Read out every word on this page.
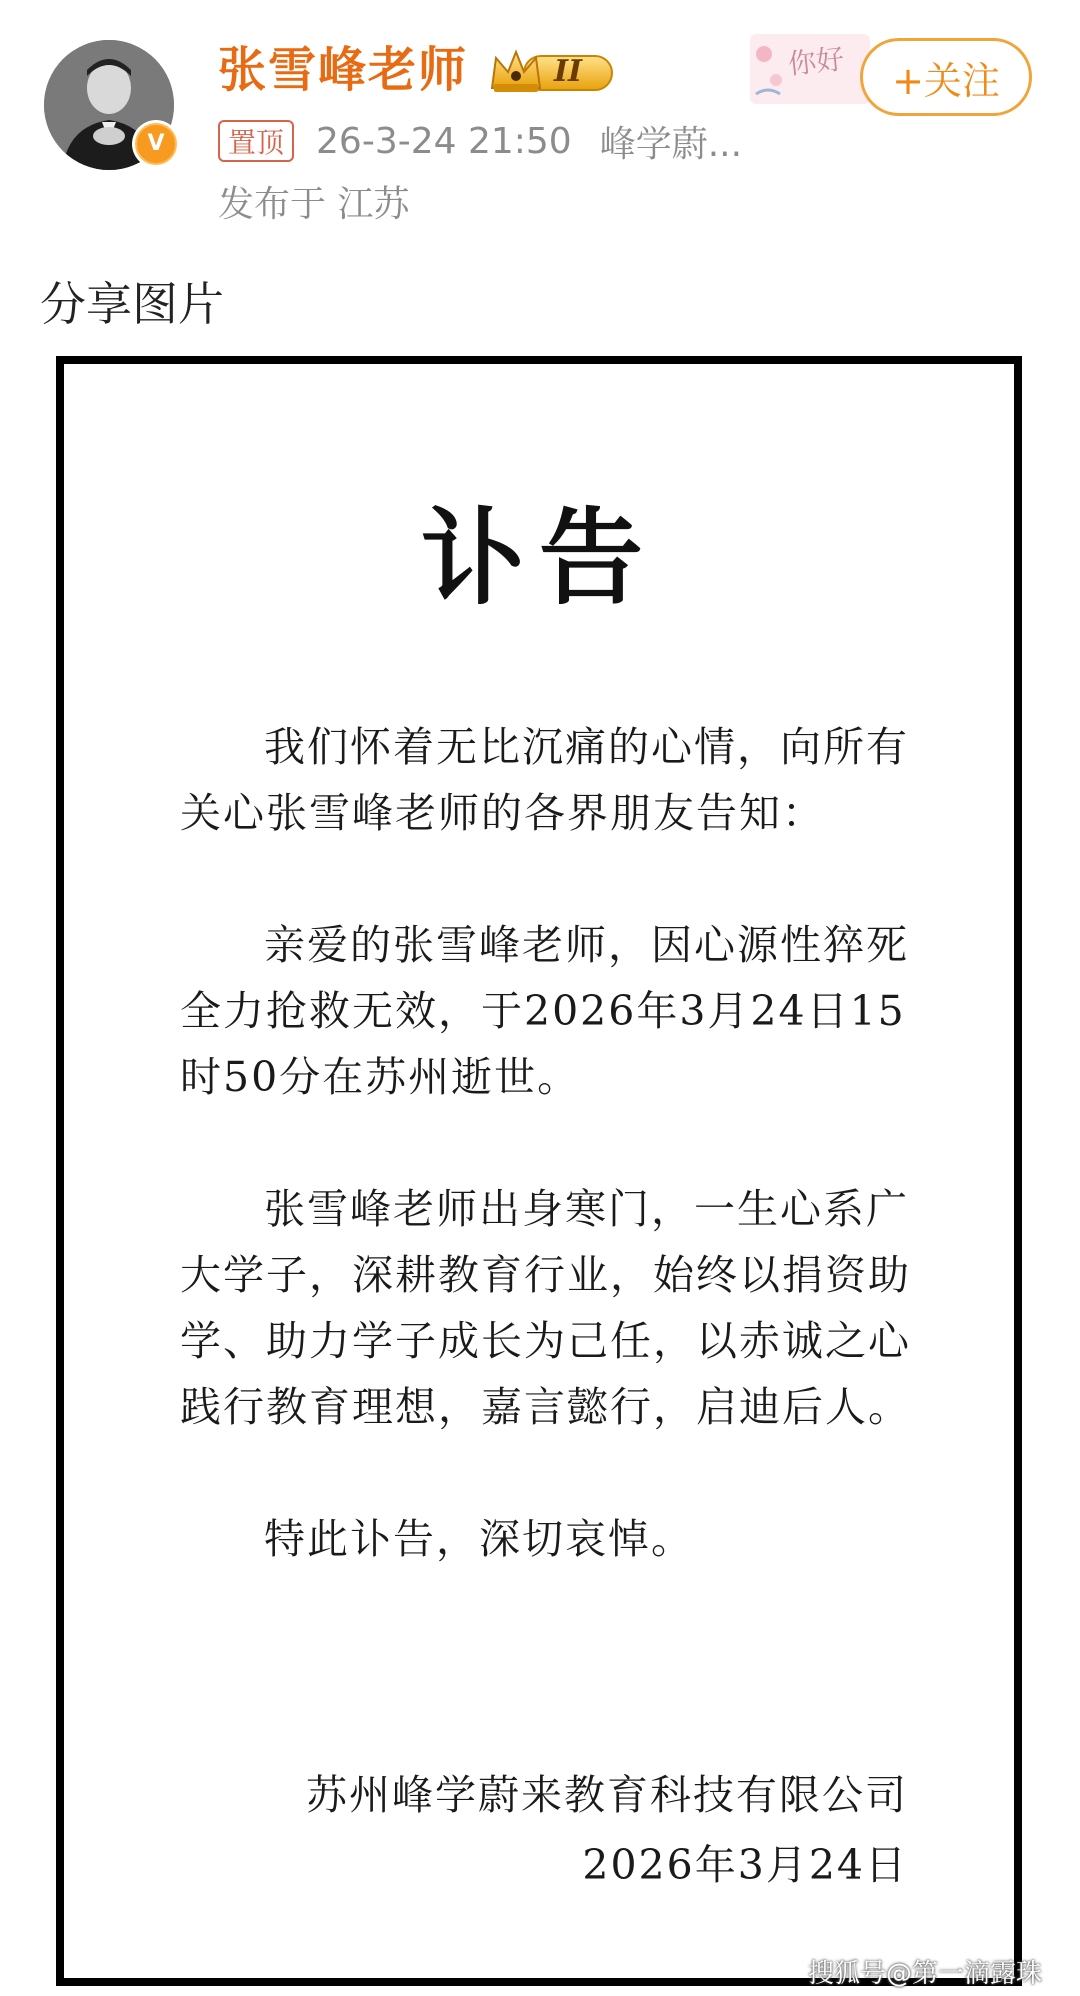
V
张雪峰老师	II	你好 +关注
置顶 26-3-24 21:50 峰学蔚...
发布于 江苏
分享图片
讣告

我们怀着无比沉痛的心情，向所有关心张雪峰老师的各界朋友告知：

亲爱的张雪峰老师，因心源性猝死全力抢救无效，于2026年3月24日15时50分在苏州逝世。

张雪峰老师出身寒门，一生心系广大学子，深耕教育行业，始终以捐资助学、助力学子成长为己任，以赤诚之心践行教育理想，嘉言懿行，启迪后人。

特此讣告，深切哀悼。

苏州峰学蔚来教育科技有限公司
2026年3月24日
搜狐号@第一滴露珠
